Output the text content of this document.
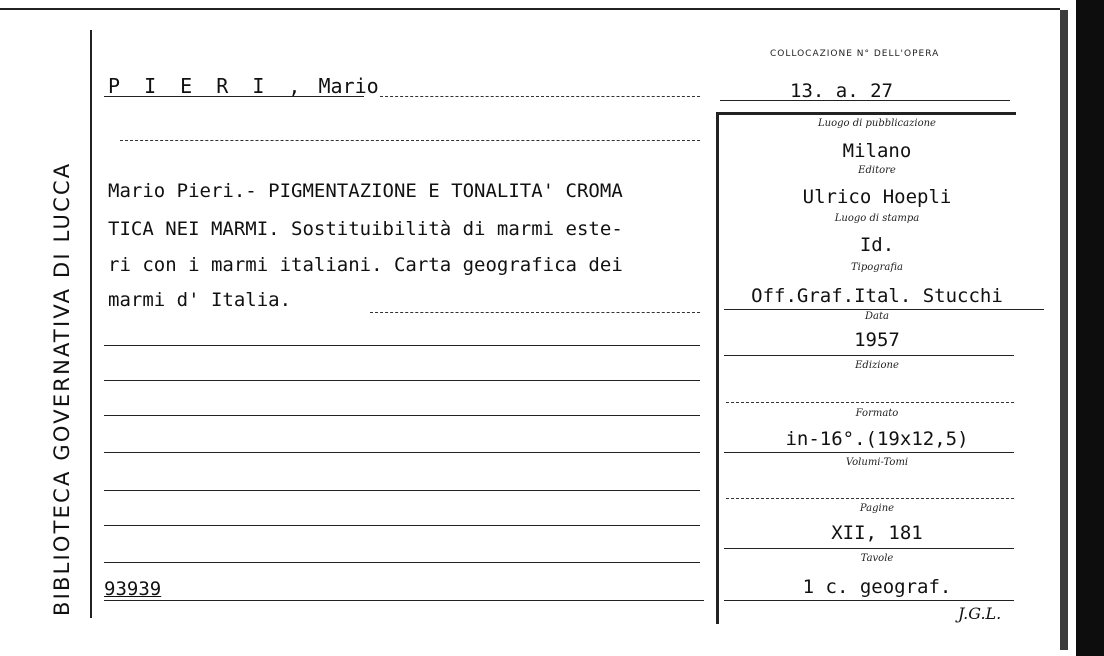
BIBLIOTECA GOVERNATIVA DI LUCCA
P I E R I , Mario
Mario Pieri.- PIGMENTAZIONE E TONALITA' CROMA
TICA NEI MARMI. Sostituibilità di marmi este-
ri con i marmi italiani. Carta geografica dei
marmi d' Italia.
93939
COLLOCAZIONE N° DELL'OPERA
13. a. 27
Luogo di pubblicazione
Milano
Editore
Ulrico Hoepli
Luogo di stampa
Id.
Tipografia
Off.Graf.Ital. Stucchi
Data
1957
Edizione
Formato
in-16°.(19x12,5)
Volumi-Tomi
Pagine
XII, 181
Tavole
1 c. geograf.
J.G.L.
